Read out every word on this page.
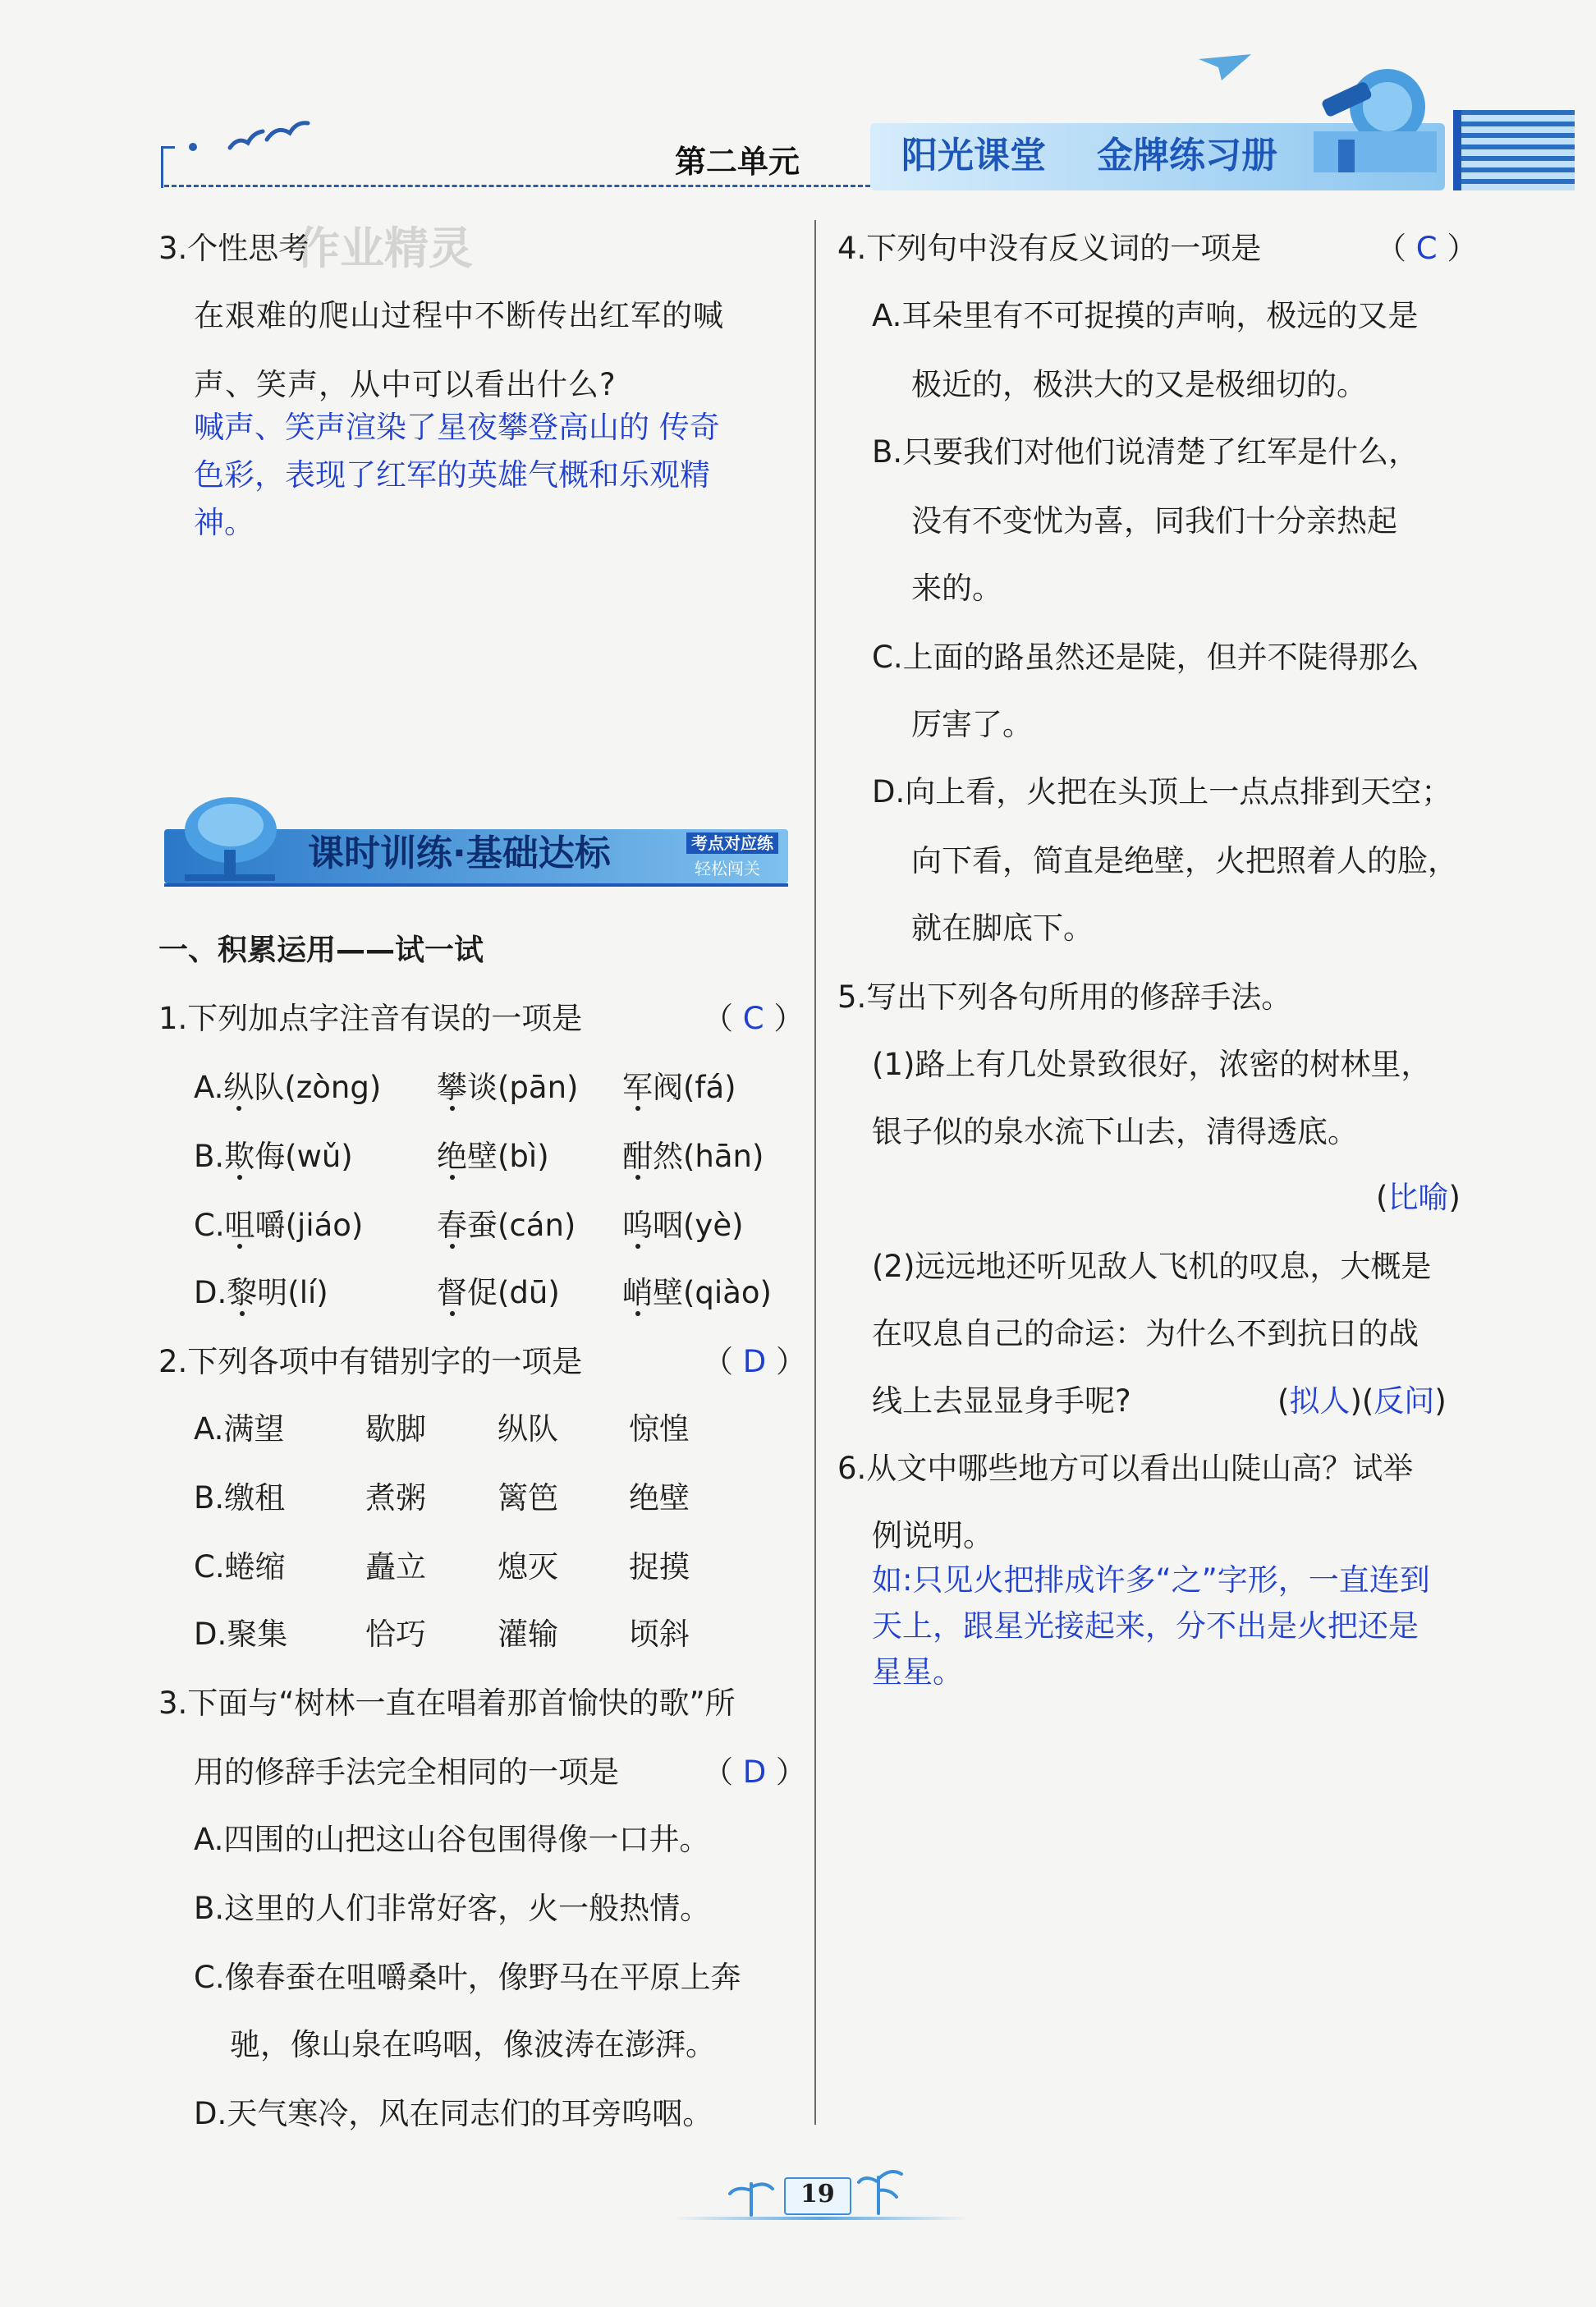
第二单元	阳光课堂 金牌练习册
作业精灵
3.个性思考
在艰难的爬山过程中不断传出红军的喊
声、笑声，从中可以看出什么?
喊声、笑声渲染了星夜攀登高山的 传奇
色彩，表现了红军的英雄气概和乐观精
神。
课时训练·基础达标	考点对应练
轻松闯关
一、积累运用——试一试
1.下列加点字注音有误的一项是	（ C ）
A.纵队(zòng) 攀谈(pān) 军阀(fá)
B.欺侮(wǔ)	绝壁(bì) 酣然(hān)
C.咀嚼(jiáo) 春蚕(cán) 呜咽(yè)
D.黎明(lí)	督促(dū) 峭壁(qiào)
2.下列各项中有错别字的一项是	（ D ）
A.满望	歇脚 纵队 惊惶
B.缴租	煮粥 篱笆 绝壁
C.蜷缩	矗立 熄灭 捉摸
D.聚集	恰巧 灌输 顷斜
3.下面与“树林一直在唱着那首愉快的歌”所
用的修辞手法完全相同的一项是	（ D ）
A.四围的山把这山谷包围得像一口井。
B.这里的人们非常好客，火一般热情。
C.像春蚕在咀嚼桑叶，像野马在平原上奔
驰，像山泉在呜咽，像波涛在澎湃。
D.天气寒冷，风在同志们的耳旁呜咽。
4.下列句中没有反义词的一项是	（ C ）
A.耳朵里有不可捉摸的声响，极远的又是
极近的，极洪大的又是极细切的。
B.只要我们对他们说清楚了红军是什么，
没有不变忧为喜，同我们十分亲热起
来的。
C.上面的路虽然还是陡，但并不陡得那么
厉害了。
D.向上看，火把在头顶上一点点排到天空；
向下看，简直是绝壁，火把照着人的脸，
就在脚底下。
5.写出下列各句所用的修辞手法。
(1)路上有几处景致很好，浓密的树林里，
银子似的泉水流下山去，清得透底。
(比喻)
(2)远远地还听见敌人飞机的叹息，大概是
在叹息自己的命运：为什么不到抗日的战
线上去显显身手呢?	(拟人)(反问)
6.从文中哪些地方可以看出山陡山高？试举
例说明。
如:只见火把排成许多“之”字形，一直连到
天上，跟星光接起来，分不出是火把还是
星星。
19
